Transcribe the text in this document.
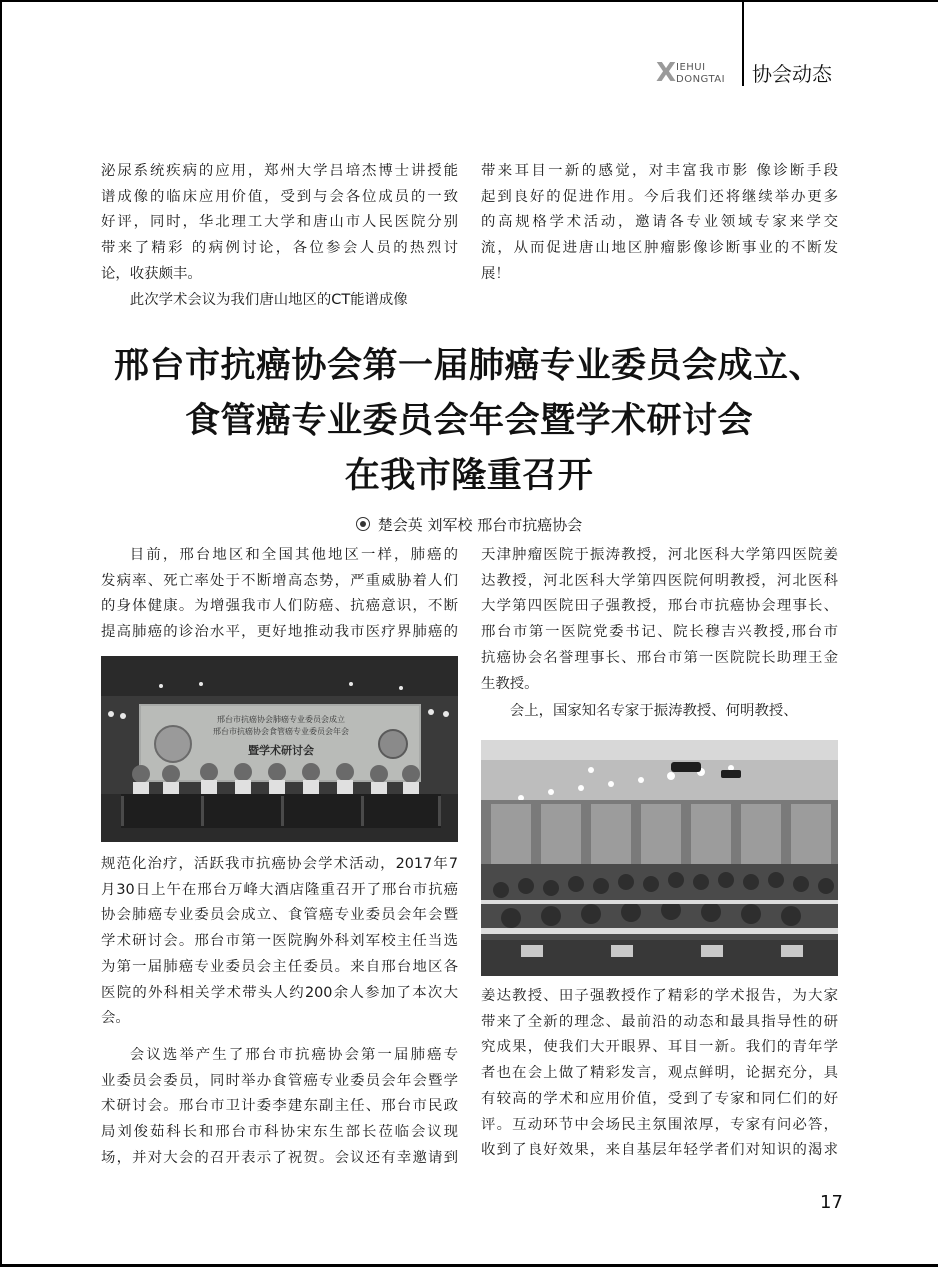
X IEHUI
DONGTAI 协会动态

泌尿系统疾病的应用，郑州大学吕培杰博士讲授能

谱成像的临床应用价值，受到与会各位成员的一致

好评，同时，华北理工大学和唐山市人民医院分别

带来了精彩 的病例讨论，各位参会人员的热烈讨

论，收获颇丰。

此次学术会议为我们唐山地区的CT能谱成像

带来耳目一新的感觉，对丰富我市影 像诊断手段

起到良好的促进作用。今后我们还将继续举办更多

的高规格学术活动，邀请各专业领域专家来学交

流，从而促进唐山地区肿瘤影像诊断事业的不断发

展！

邢台市抗癌协会第一届肺癌专业委员会成立、
食管癌专业委员会年会暨学术研讨会
在我市隆重召开
楚会英 刘军校 邢台市抗癌协会

目前，邢台地区和全国其他地区一样，肺癌的

发病率、死亡率处于不断增高态势，严重威胁着人们

的身体健康。为增强我市人们防癌、抗癌意识，不断

提高肺癌的诊治水平，更好地推动我市医疗界肺癌的

邢台市抗癌协会肺癌专业委员会成立
邢台市抗癌协会食管癌专业委员会年会
暨学术研讨会

规范化治疗，活跃我市抗癌协会学术活动，2017年7

月30日上午在邢台万峰大酒店隆重召开了邢台市抗癌

协会肺癌专业委员会成立、食管癌专业委员会年会暨

学术研讨会。邢台市第一医院胸外科刘军校主任当选

为第一届肺癌专业委员会主任委员。来自邢台地区各

医院的外科相关学术带头人约200余人参加了本次大

会。

会议选举产生了邢台市抗癌协会第一届肺癌专

业委员会委员，同时举办食管癌专业委员会年会暨学

术研讨会。邢台市卫计委李建东副主任、邢台市民政

局刘俊茹科长和邢台市科协宋东生部长莅临会议现

场，并对大会的召开表示了祝贺。会议还有幸邀请到

天津肿瘤医院于振涛教授，河北医科大学第四医院姜

达教授，河北医科大学第四医院何明教授，河北医科

大学第四医院田子强教授，邢台市抗癌协会理事长、

邢台市第一医院党委书记、院长穆吉兴教授,邢台市

抗癌协会名誉理事长、邢台市第一医院院长助理王金

生教授。

会上，国家知名专家于振涛教授、何明教授、

姜达教授、田子强教授作了精彩的学术报告，为大家

带来了全新的理念、最前沿的动态和最具指导性的研

究成果，使我们大开眼界、耳目一新。我们的青年学

者也在会上做了精彩发言，观点鲜明，论据充分，具

有较高的学术和应用价值，受到了专家和同仁们的好

评。互动环节中会场民主氛围浓厚，专家有问必答，

收到了良好效果，来自基层年轻学者们对知识的渴求

17
